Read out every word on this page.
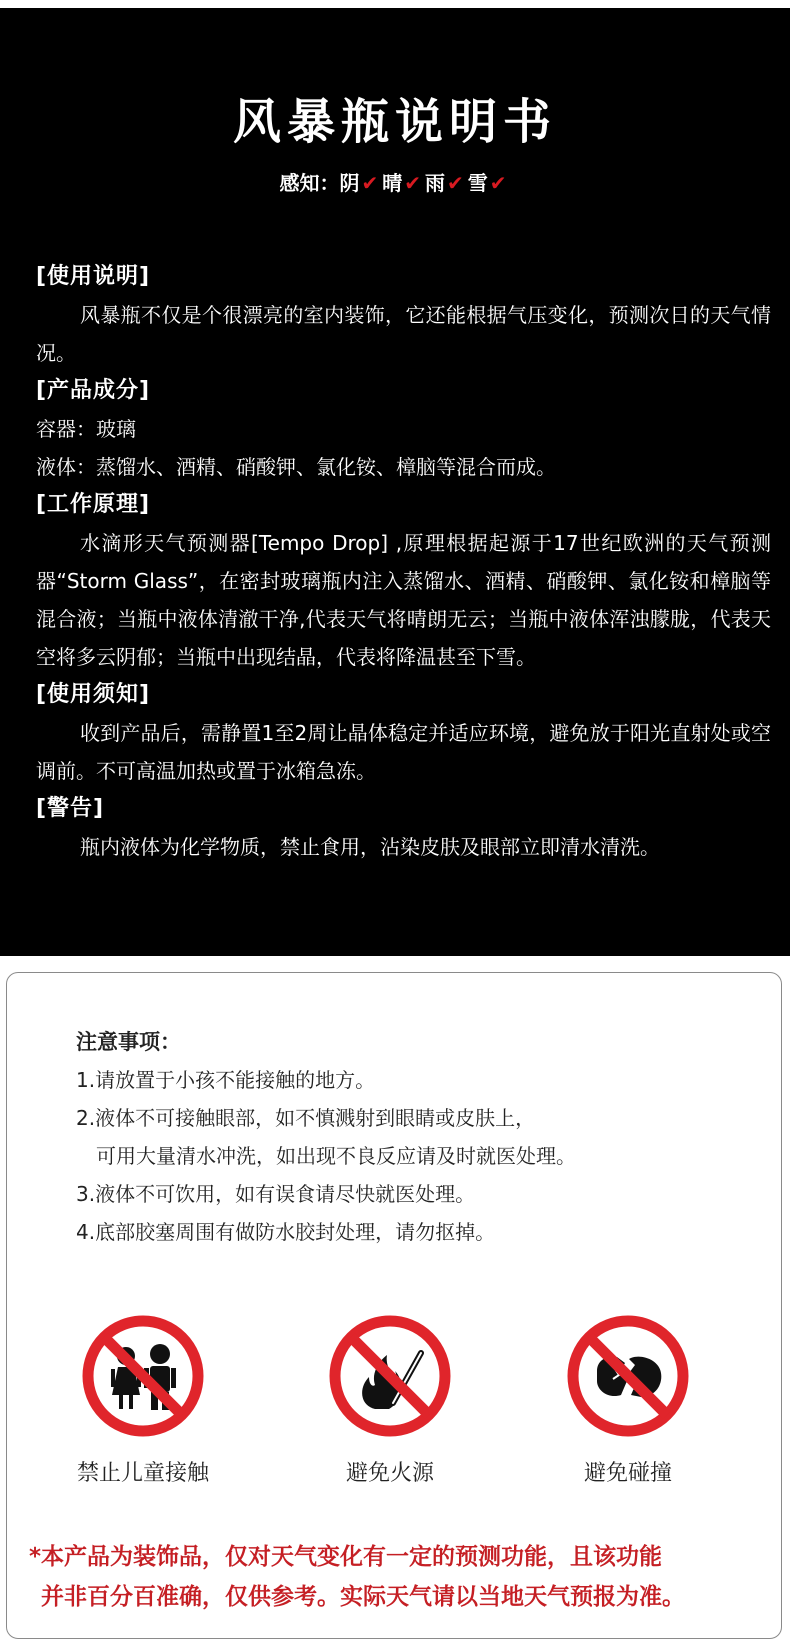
风暴瓶说明书
感知：阴 ✔ 晴 ✔ 雨 ✔ 雪 ✔
[使用说明]
风暴瓶不仅是个很漂亮的室内装饰，它还能根据气压变化，预测次日的天气情况。
[产品成分]
容器：玻璃
液体：蒸馏水、酒精、硝酸钾、氯化铵、樟脑等混合而成。
[工作原理]
水滴形天气预测器[Tempo Drop] ,原理根据起源于17世纪欧洲的天气预测器“Storm Glass”，在密封玻璃瓶内注入蒸馏水、酒精、硝酸钾、氯化铵和樟脑等混合液；当瓶中液体清澈干净,代表天气将晴朗无云；当瓶中液体浑浊朦胧，代表天空将多云阴郁；当瓶中出现结晶，代表将降温甚至下雪。
[使用须知]
收到产品后，需静置1至2周让晶体稳定并适应环境，避免放于阳光直射处或空调前。不可高温加热或置于冰箱急冻。
[警告]
瓶内液体为化学物质，禁止食用，沾染皮肤及眼部立即清水清洗。
注意事项：
1.请放置于小孩不能接触的地方。
2.液体不可接触眼部，如不慎溅射到眼睛或皮肤上，
可用大量清水冲洗，如出现不良反应请及时就医处理。
3.液体不可饮用，如有误食请尽快就医处理。
4.底部胶塞周围有做防水胶封处理，请勿抠掉。
禁止儿童接触	避免火源	避免碰撞
*本产品为装饰品，仅对天气变化有一定的预测功能，且该功能
并非百分百准确，仅供参考。实际天气请以当地天气预报为准。
